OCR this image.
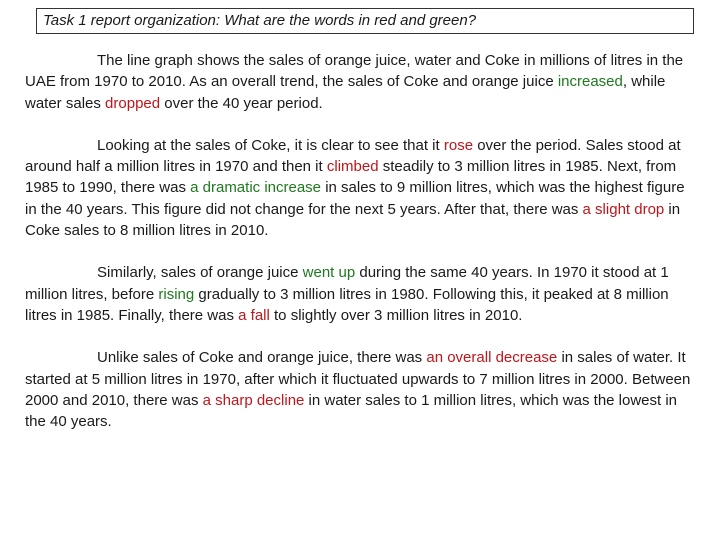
Task 1 report organization: What are the words in red and green?

The line graph shows the sales of orange juice, water and Coke in millions of litres in the UAE from 1970 to 2010. As an overall trend, the sales of Coke and orange juice increased, while water sales dropped over the 40 year period.

Looking at the sales of Coke, it is clear to see that it rose over the period. Sales stood at around half a million litres in 1970 and then it climbed steadily to 3 million litres in 1985. Next, from 1985 to 1990, there was a dramatic increase in sales to 9 million litres, which was the highest figure in the 40 years. This figure did not change for the next 5 years. After that, there was a slight drop in Coke sales to 8 million litres in 2010.

Similarly, sales of orange juice went up during the same 40 years. In 1970 it stood at 1 million litres, before rising gradually to 3 million litres in 1980. Following this, it peaked at 8 million litres in 1985. Finally, there was a fall to slightly over 3 million litres in 2010.

Unlike sales of Coke and orange juice, there was an overall decrease in sales of water. It started at 5 million litres in 1970, after which it fluctuated upwards to 7 million litres in 2000. Between 2000 and 2010, there was a sharp decline in water sales to 1 million litres, which was the lowest in the 40 years.
